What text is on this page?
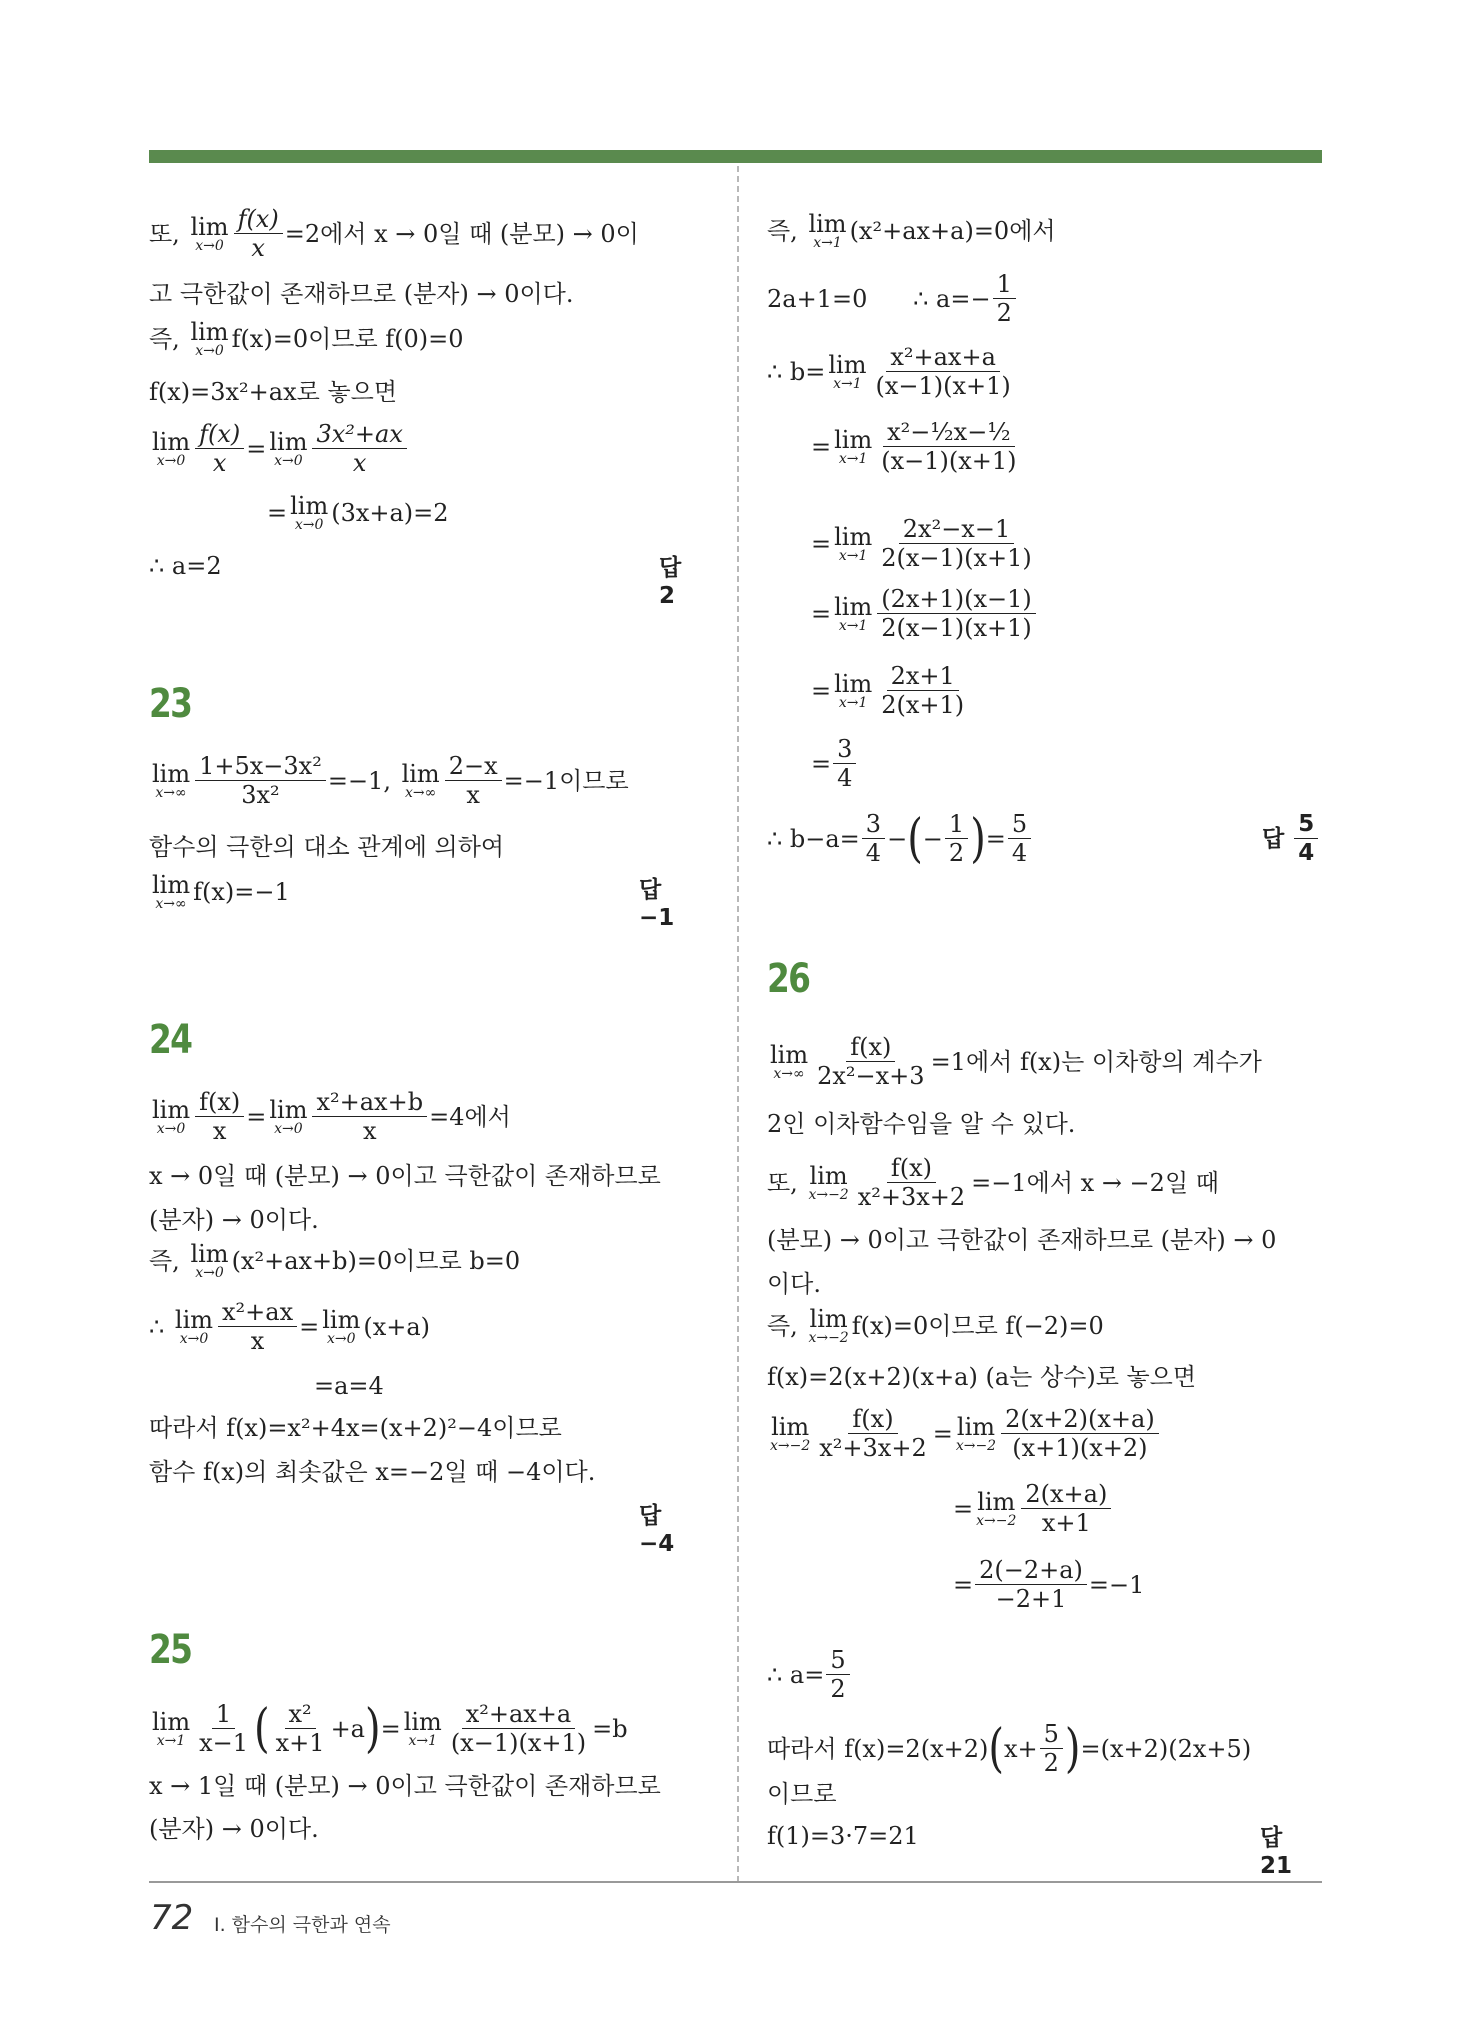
또, lim
$x\to 0 \frac{f(x)}{x} =2$에서 x → 0일 때 (분모) → 0이
고 극한값이 존재하므로 (분자) → 0이다.
즉, lim
x→0 f(x)=0이므로 f(0)=0
f(x)=3x²+ax로 놓으면
lim
$x\to 0 \frac{f(x)}{x} = \lim$
x→0
3x²+ax
x
= lim
x→0 (3x+a)=2
∴ a=2	답 2
23
lim
$x\to\infty \frac{\text{1+5x−3x²}}{\text{3x²}} =-1$, lim
$x\to\infty \frac{2-x}{x} =-1$이므로
함수의 극한의 대소 관계에 의하여
lim
x→∞ f(x)=−1	답 −1
24
lim
$x\to 0 \frac{f(x)}{x} = \lim$
$x\to 0 \frac{\text{x²+ax+b}}{x} =4$에서
x → 0일 때 (분모) → 0이고 극한값이 존재하므로
(분자) → 0이다.
즉, lim
x→0 (x²+ax+b)=0이므로 b=0
∴ lim
$x\to 0 \frac{\text{x²+ax}}{x} = \lim$
x→0 (x+a)
=a=4
따라서 f(x)=x²+4x=(x+2)²−4이므로
함수 f(x)의 최솟값은 x=−2일 때 −4이다.
답 −4
25
lim
x→1
1
x−1 ( x²
x+1
+a ) = lim
$x\to 1 \frac{\text{x²+ax+a}}{(x-1)(x+1)} =b$
x → 1일 때 (분모) → 0이고 극한값이 존재하므로
(분자) → 0이다.
즉, lim
x→1 (x²+ax+a)=0에서
2a+1=0
∴ $a=- \frac{1}{2}$
∴ b= lim
x→1
x²+ax+a
(x−1)(x+1)
= lim
x→1
x²−½x−½
(x−1)(x+1)
= lim
x→1
2x²−x−1
2(x−1)(x+1)
= lim
x→1
(2x+1)(x−1)
2(x−1)(x+1)
= lim
x→1
2x+1
2(x+1)
= $\frac{3}{4}$
∴ $b-a= \frac{3}{4}$ − ( − $\frac{1}{2}$ ) = $\frac{5}{4}$	답
5
4
26
lim
$x\to\infty \frac{f(x)}{\text{2x²−x+3}} =1$에서 f(x)는 이차항의 계수가
2인 이차함수임을 알 수 있다.
또, lim
$x\to-2 \frac{f(x)}{\text{x²+3x+2}} =-1$에서 x → −2일 때
(분모) → 0이고 극한값이 존재하므로 (분자) → 0
이다.
즉, lim
x→−2 f(x)=0이므로 f(−2)=0
f(x)=2(x+2)(x+a) (a는 상수)로 놓으면
lim
$x\to-2 \frac{f(x)}{\text{x²+3x+2}} = \lim$
x→−2
2(x+2)(x+a)
(x+1)(x+2)
= lim
x→−2
2(x+a)
x+1
= $\frac{2(-2+a)}{-2+1} =-1$
∴ $a= \frac{5}{2}$
따라서 f(x)=2(x+2) ( $x+ \frac{5}{2}$ ) =(x+2)(2x+5)
이므로
f(1)=3·7=21	답 21
72 Ⅰ. 함수의 극한과 연속
